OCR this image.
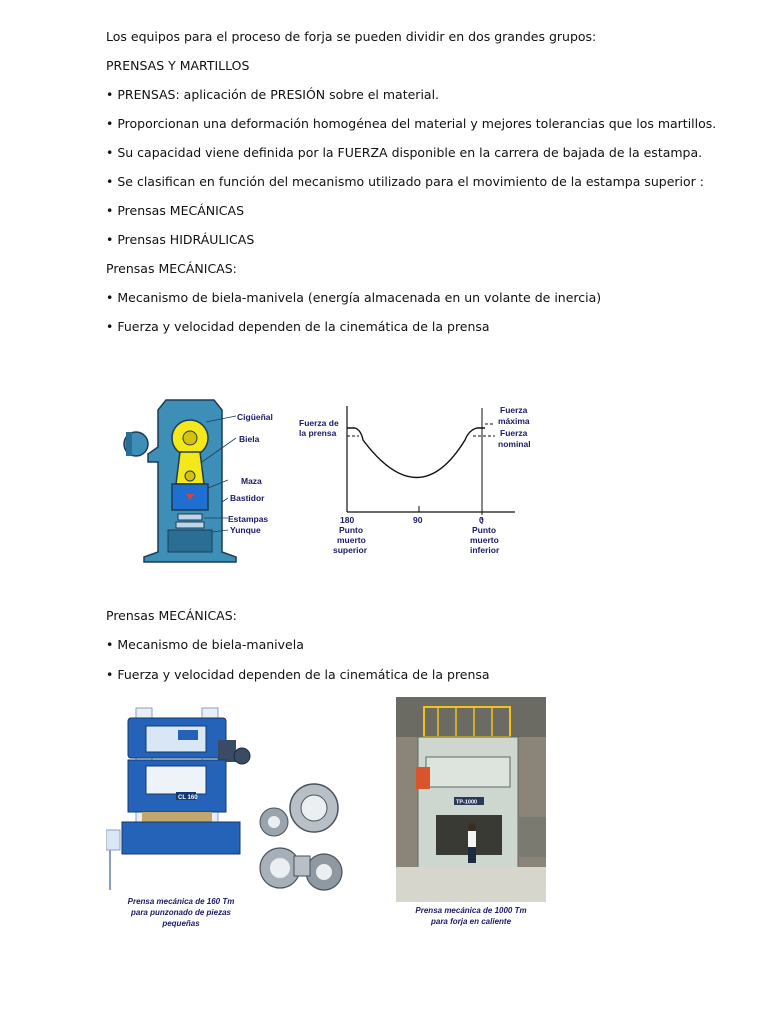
Los equipos para el proceso de forja se pueden dividir en dos grandes grupos:
PRENSAS Y MARTILLOS
• PRENSAS: aplicación de PRESIÓN sobre el material.
• Proporcionan una deformación homogénea del material y mejores tolerancias que los martillos.
• Su capacidad viene definida por la FUERZA disponible en la carrera de bajada de la estampa.
• Se clasifican en función del mecanismo utilizado para el movimiento de la estampa superior :
• Prensas MECÁNICAS
• Prensas HIDRÁULICAS
Prensas MECÁNICAS:
• Mecanismo de biela-manivela (energía almacenada en un volante de inercia)
• Fuerza y velocidad dependen de la cinemática de la prensa
Cigüeñal
Biela
Maza
Bastidor
Estampas
Yunque
Fuerza de
la prensa
Fuerza
máxima
Fuerza
nominal
180	90	0
Punto
muerto
superior
Punto
muerto
inferior
Prensas MECÁNICAS:
• Mecanismo de biela-manivela
• Fuerza y velocidad dependen de la cinemática de la prensa
CL 160
Prensa mecánica de 160 Tm
para punzonado de piezas
pequeñas
TP-1000
Prensa mecánica de 1000 Tm
para forja en caliente
